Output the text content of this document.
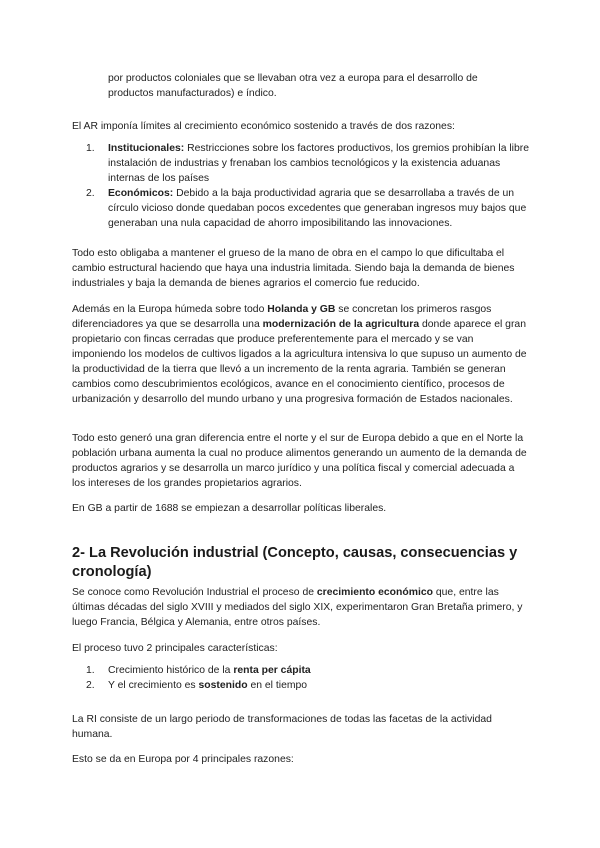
por productos coloniales que se llevaban otra vez a europa para el desarrollo de productos manufacturados) e índico.

El AR imponía límites al crecimiento económico sostenido a través de dos razones:

1. Institucionales: Restricciones sobre los factores productivos, los gremios prohibían la libre instalación de industrias y frenaban los cambios tecnológicos y la existencia aduanas internas de los países
2. Económicos: Debido a la baja productividad agraria que se desarrollaba a través de un círculo vicioso donde quedaban pocos excedentes que generaban ingresos muy bajos que generaban una nula capacidad de ahorro imposibilitando las innovaciones.

Todo esto obligaba a mantener el grueso de la mano de obra en el campo lo que dificultaba el cambio estructural haciendo que haya una industria limitada. Siendo baja la demanda de bienes industriales y baja la demanda de bienes agrarios el comercio fue reducido.

Además en la Europa húmeda sobre todo Holanda y GB se concretan los primeros rasgos diferenciadores ya que se desarrolla una modernización de la agricultura donde aparece el gran propietario con fincas cerradas que produce preferentemente para el mercado y se van imponiendo los modelos de cultivos ligados a la agricultura intensiva lo que supuso un aumento de la productividad de la tierra que llevó a un incremento de la renta agraria. También se generan cambios como descubrimientos ecológicos, avance en el conocimiento científico, procesos de urbanización y desarrollo del mundo urbano y una progresiva formación de Estados nacionales.

Todo esto generó una gran diferencia entre el norte y el sur de Europa debido a que en el Norte la población urbana aumenta la cual no produce alimentos generando un aumento de la demanda de productos agrarios y se desarrolla un marco jurídico y una política fiscal y comercial adecuada a los intereses de los grandes propietarios agrarios.

En GB a partir de 1688 se empiezan a desarrollar políticas liberales.

2- La Revolución industrial (Concepto, causas, consecuencias y cronología)

Se conoce como Revolución Industrial el proceso de crecimiento económico que, entre las últimas décadas del siglo XVIII y mediados del siglo XIX, experimentaron Gran Bretaña primero, y luego Francia, Bélgica y Alemania, entre otros países.

El proceso tuvo 2 principales características:

1. Crecimiento histórico de la renta per cápita
2. Y el crecimiento es sostenido en el tiempo

La RI consiste de un largo periodo de transformaciones de todas las facetas de la actividad humana.

Esto se da en Europa por 4 principales razones:
